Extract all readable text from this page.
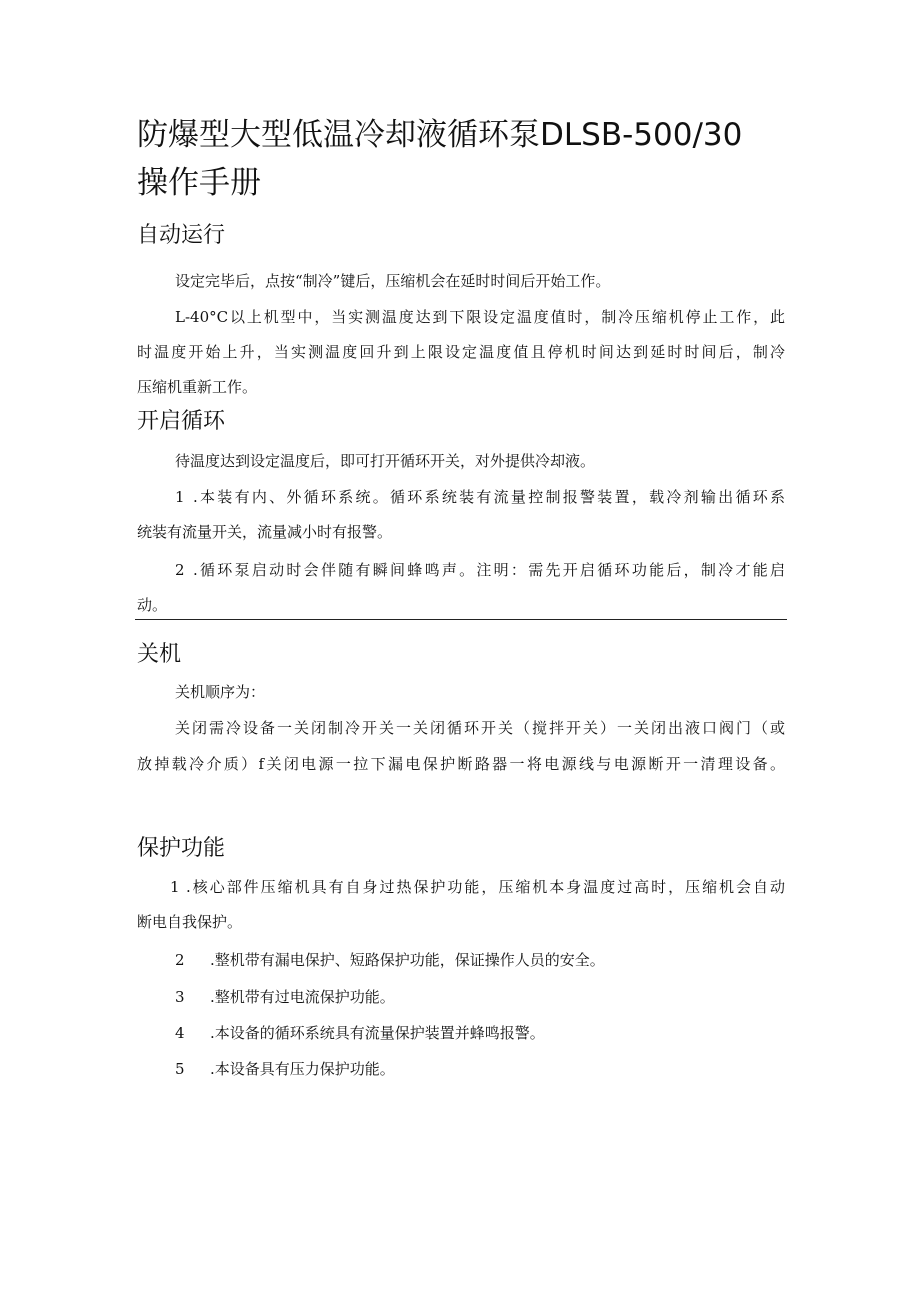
防爆型大型低温冷却液循环泵DLSB-500/30
操作手册
自动运行
设定完毕后，点按“制冷”键后，压缩机会在延时时间后开始工作。
L-40°C以上机型中，当实测温度达到下限设定温度值时，制冷压缩机停止工作，此
时温度开始上升，当实测温度回升到上限设定温度值且停机时间达到延时时间后，制冷
压缩机重新工作。
开启循环
待温度达到设定温度后，即可打开循环开关，对外提供冷却液。
1 .本装有内、外循环系统。循环系统装有流量控制报警装置，载冷剂输出循环系
统装有流量开关，流量减小时有报警。
2 .循环泵启动时会伴随有瞬间蜂鸣声。注明：需先开启循环功能后，制冷才能启
动。
关机
关机顺序为：
关闭需冷设备一关闭制冷开关一关闭循环开关（搅拌开关）一关闭出液口阀门（或
放掉载冷介质）f关闭电源一拉下漏电保护断路器一将电源线与电源断开一清理设备。
保护功能
1 .核心部件压缩机具有自身过热保护功能，压缩机本身温度过高时，压缩机会自动
断电自我保护。
2 .整机带有漏电保护、短路保护功能，保证操作人员的安全。
3 .整机带有过电流保护功能。
4 .本设备的循环系统具有流量保护装置并蜂鸣报警。
5 .本设备具有压力保护功能。
